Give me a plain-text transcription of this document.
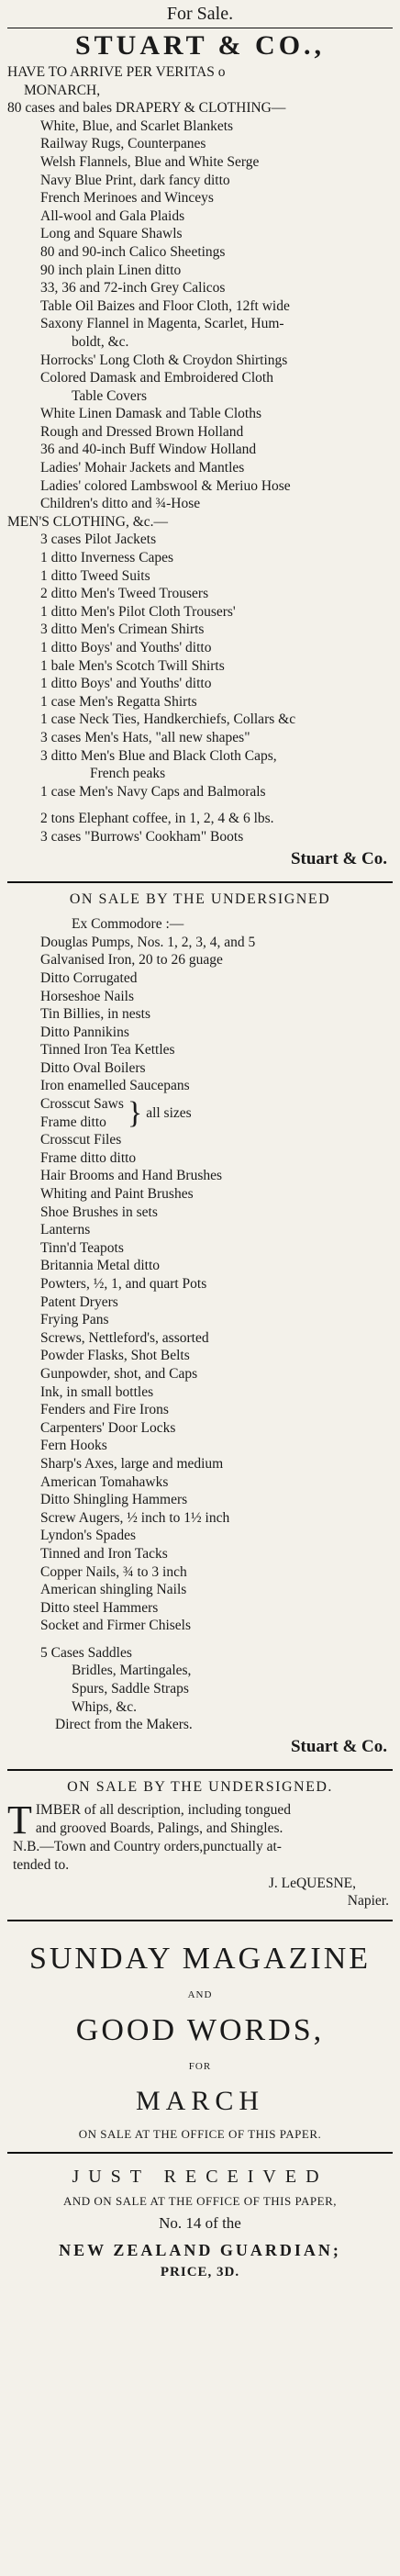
For Sale.
STUART & CO.,
HAVE TO ARRIVE PER VERITAS o
MONARCH,
80 cases and bales DRAPERY & CLOTHING—
White, Blue, and Scarlet Blankets
Railway Rugs, Counterpanes
Welsh Flannels, Blue and White Serge
Navy Blue Print, dark fancy ditto
French Merinoes and Winceys
All-wool and Gala Plaids
Long and Square Shawls
80 and 90-inch Calico Sheetings
90 inch plain Linen ditto
33, 36 and 72-inch Grey Calicos
Table Oil Baizes and Floor Cloth, 12ft wide
Saxony Flannel in Magenta, Scarlet, Hum-
boldt, &c.
Horrocks' Long Cloth & Croydon Shirtings
Colored Damask and Embroidered Cloth
Table Covers
White Linen Damask and Table Cloths
Rough and Dressed Brown Holland
36 and 40-inch Buff Window Holland
Ladies' Mohair Jackets and Mantles
Ladies' colored Lambswool & Meriuo Hose
Children's ditto and ¾-Hose
MEN'S CLOTHING, &c.—
3 cases Pilot Jackets
1 ditto Inverness Capes
1 ditto Tweed Suits
2 ditto Men's Tweed Trousers
1 ditto Men's Pilot Cloth Trousers'
3 ditto Men's Crimean Shirts
1 ditto Boys' and Youths' ditto
1 bale Men's Scotch Twill Shirts
1 ditto Boys' and Youths' ditto
1 case Men's Regatta Shirts
1 case Neck Ties, Handkerchiefs, Collars &c
3 cases Men's Hats, "all new shapes"
3 ditto Men's Blue and Black Cloth Caps,
French peaks
1 case Men's Navy Caps and Balmorals
2 tons Elephant coffee, in 1, 2, 4 & 6 lbs.
3 cases "Burrows' Cookham" Boots
Stuart & Co.
ON SALE BY THE UNDERSIGNED
Ex Commodore :—
Douglas Pumps, Nos. 1, 2, 3, 4, and 5
Galvanised Iron, 20 to 26 guage
Ditto Corrugated
Horseshoe Nails
Tin Billies, in nests
Ditto Pannikins
Tinned Iron Tea Kettles
Ditto Oval Boilers
Iron enamelled Saucepans
Crosscut Saws
Frame ditto } all sizes
Crosscut Files
Frame ditto ditto
Hair Brooms and Hand Brushes
Whiting and Paint Brushes
Shoe Brushes in sets
Lanterns
Tinn'd Teapots
Britannia Metal ditto
Powters, ½, 1, and quart Pots
Patent Dryers
Frying Pans
Screws, Nettleford's, assorted
Powder Flasks, Shot Belts
Gunpowder, shot, and Caps
Ink, in small bottles
Fenders and Fire Irons
Carpenters' Door Locks
Fern Hooks
Sharp's Axes, large and medium
American Tomahawks
Ditto Shingling Hammers
Screw Augers, ½ inch to 1½ inch
Lyndon's Spades
Tinned and Iron Tacks
Copper Nails, ¾ to 3 inch
American shingling Nails
Ditto steel Hammers
Socket and Firmer Chisels
5 Cases Saddles
Bridles, Martingales,
Spurs, Saddle Straps
Whips, &c.
Direct from the Makers.
Stuart & Co.
ON SALE BY THE UNDERSIGNED.
T IMBER of all description, including tongued
and grooved Boards, Palings, and Shingles.
N.B.—Town and Country orders,punctually at-
tended to.
J. LeQUESNE,
Napier.
SUNDAY MAGAZINE
AND
GOOD WORDS,
FOR
MARCH
ON SALE AT THE OFFICE OF THIS PAPER.
JUST RECEIVED
AND ON SALE AT THE OFFICE OF THIS PAPER,
No. 14 of the
NEW ZEALAND GUARDIAN;
PRICE, 3D.
